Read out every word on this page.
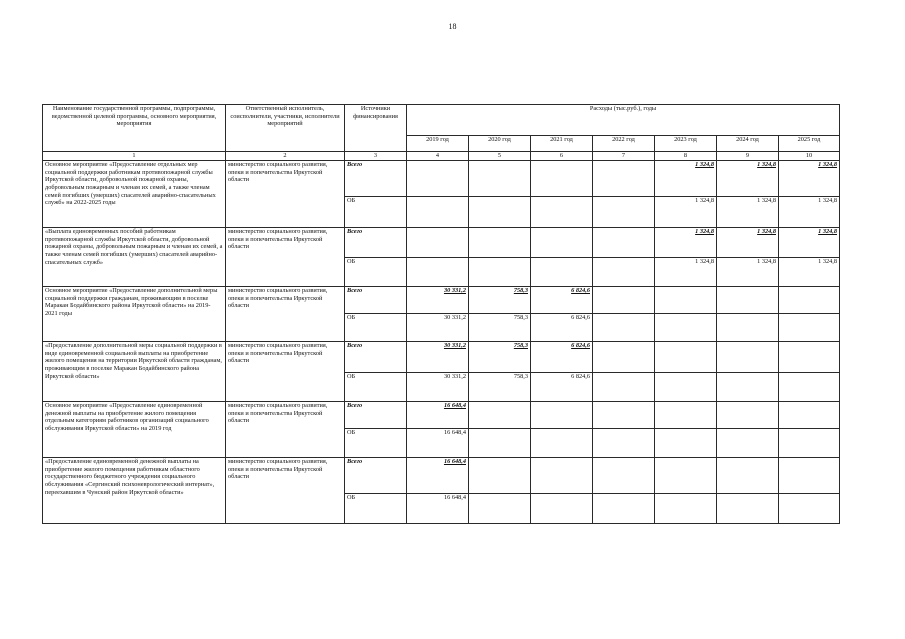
18
Наименование государственной программы, подпрограммы, ведомственной целевой программы, основного мероприятия, мероприятия	Ответственный исполнитель, соисполнители, участники, исполнители мероприятий	Источники финансирования	Расходы (тыс.руб.), годы						
			2019 год	2020 год	2021 год	2022 год	2023 год	2024 год	2025 год
1	2	3	4	5	6	7	8	9	10
Основное мероприятие «Предоставление отдельных мер социальной поддержки работникам противопожарной службы Иркутской области, добровольной пожарной охраны, добровольным пожарным и членам их семей, а также членам семей погибших (умерших) спасателей аварийно-спасательных служб» на 2022-2025 годы	министерство социального развития, опеки и попечительства Иркутской области	Всего					1 324,8	1 324,8	1 324,8
		ОБ					1 324,8	1 324,8	1 324,8
«Выплата единовременных пособий работникам противопожарной службы Иркутской области, добровольной пожарной охраны, добровольным пожарным и членам их семей, а также членам семей погибших (умерших) спасателей аварийно-спасательных служб»	министерство социального развития, опеки и попечительства Иркутской области	Всего					1 324,8	1 324,8	1 324,8
		ОБ					1 324,8	1 324,8	1 324,8
Основное мероприятие «Предоставление дополнительной меры социальной поддержки гражданам, проживающим в поселке Маракан Бодайбинского района Иркутской области» на 2019-2021 годы	министерство социального развития, опеки и попечительства Иркутской области	Всего	30 331,2	758,3	6 824,6				
		ОБ	30 331,2	758,3	6 824,6				
«Предоставление дополнительной меры социальной поддержки в виде единовременной социальной выплаты на приобретение жилого помещения на территории Иркутской области гражданам, проживающим в поселке Маракан Бодайбинского района Иркутской области»	министерство социального развития, опеки и попечительства Иркутской области	Всего	30 331,2	758,3	6 824,6				
		ОБ	30 331,2	758,3	6 824,6				
Основное мероприятие «Предоставление единовременной денежной выплаты на приобретение жилого помещения отдельным категориям работников организаций социального обслуживания Иркутской области» на 2019 год	министерство социального развития, опеки и попечительства Иркутской области	Всего	16 648,4						
		ОБ	16 648,4						
«Предоставление единовременной денежной выплаты на приобретение жилого помещения работникам областного государственного бюджетного учреждения социального обслуживания «Сергинский психоневрологический интернат», переехавшим в Чунский район Иркутской области»	министерство социального развития, опеки и попечительства Иркутской области	Всего	16 648,4						
		ОБ	16 648,4						
